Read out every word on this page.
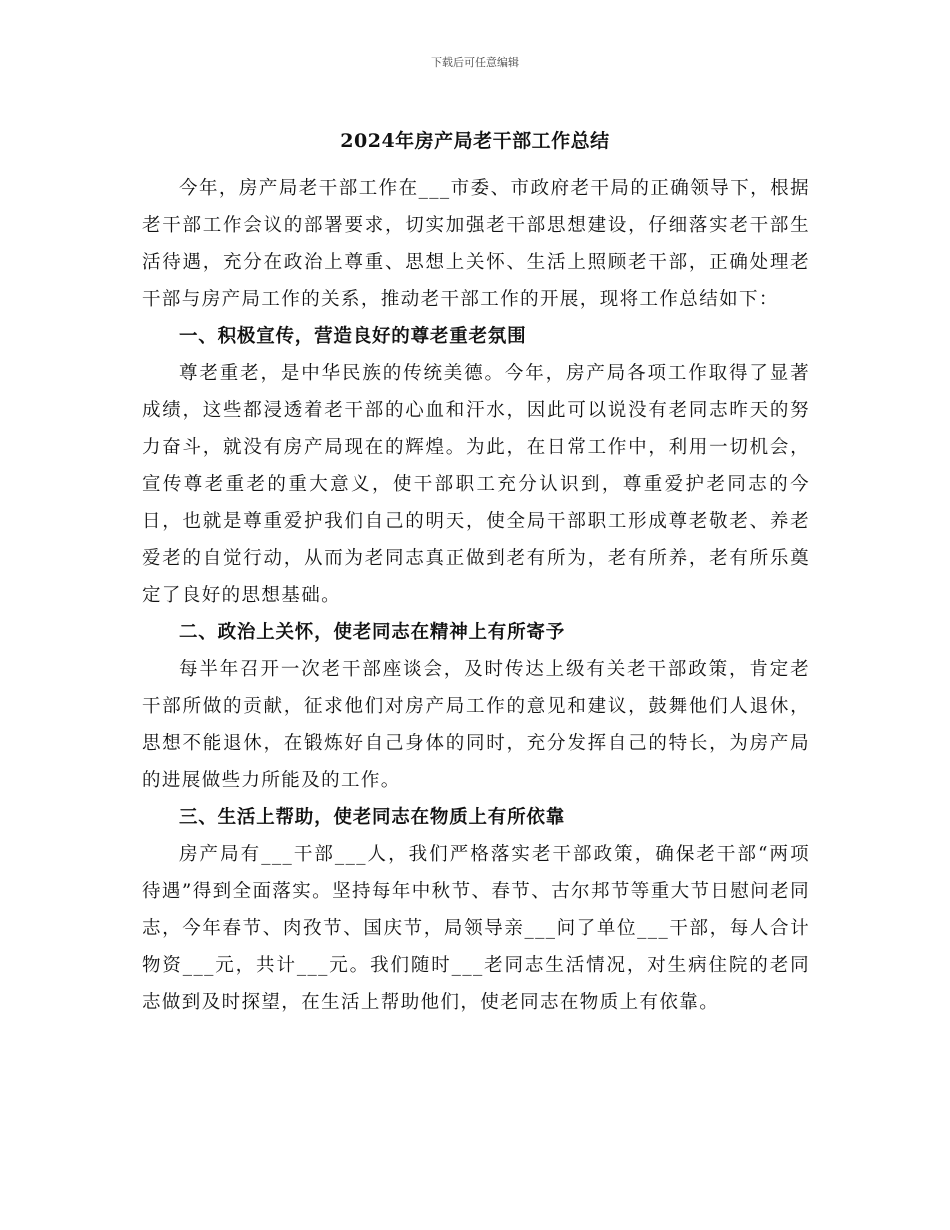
下载后可任意编辑
2024年房产局老干部工作总结

今年，房产局老干部工作在___市委、市政府老干局的正确领导下，根据老干部工作会议的部署要求，切实加强老干部思想建设，仔细落实老干部生活待遇，充分在政治上尊重、思想上关怀、生活上照顾老干部，正确处理老干部与房产局工作的关系，推动老干部工作的开展，现将工作总结如下：

一、积极宣传，营造良好的尊老重老氛围

尊老重老，是中华民族的传统美德。今年，房产局各项工作取得了显著成绩，这些都浸透着老干部的心血和汗水，因此可以说没有老同志昨天的努力奋斗，就没有房产局现在的辉煌。为此，在日常工作中，利用一切机会，宣传尊老重老的重大意义，使干部职工充分认识到，尊重爱护老同志的今日，也就是尊重爱护我们自己的明天，使全局干部职工形成尊老敬老、养老爱老的自觉行动，从而为老同志真正做到老有所为，老有所养，老有所乐奠定了良好的思想基础。

二、政治上关怀，使老同志在精神上有所寄予

每半年召开一次老干部座谈会，及时传达上级有关老干部政策，肯定老干部所做的贡献，征求他们对房产局工作的意见和建议，鼓舞他们人退休，思想不能退休，在锻炼好自己身体的同时，充分发挥自己的特长，为房产局的进展做些力所能及的工作。

三、生活上帮助，使老同志在物质上有所依靠

房产局有___干部___人，我们严格落实老干部政策，确保老干部“两项待遇”得到全面落实。坚持每年中秋节、春节、古尔邦节等重大节日慰问老同志，今年春节、肉孜节、国庆节，局领导亲___问了单位___干部，每人合计物资___元，共计___元。我们随时___老同志生活情况，对生病住院的老同志做到及时探望，在生活上帮助他们，使老同志在物质上有依靠。
